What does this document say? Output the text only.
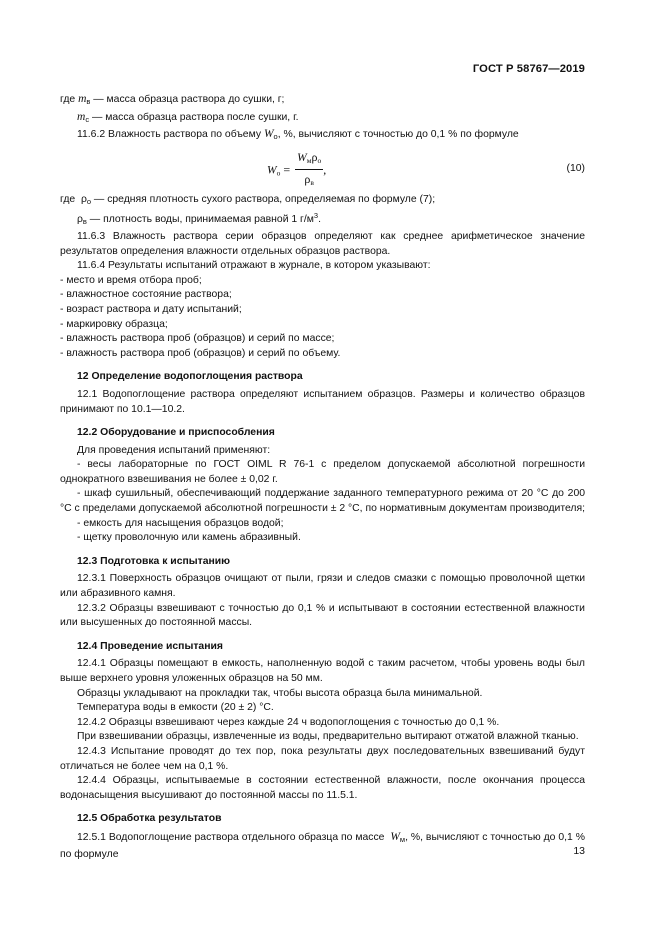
ГОСТ Р 58767—2019

где $m_в$ — масса образца раствора до сушки, г;

$m_с$ — масса образца раствора после сушки, г.

11.6.2 Влажность раствора по объему $W_о$, %, вычисляют с точностью до 0,1 % по формуле

$W_о = \frac{W_м\rho_о}{\rho_в}$ ,	(10)

где  $\rho_о$ — средняя плотность сухого раствора, определяемая по формуле (7);

$\rho_в$ — плотность воды, принимаемая равной 1 $г/м^3$.

11.6.3 Влажность раствора серии образцов определяют как среднее арифметическое значение результатов определения влажности отдельных образцов раствора.

11.6.4 Результаты испытаний отражают в журнале, в котором указывают:

- место и время отбора проб;

- влажностное состояние раствора;

- возраст раствора и дату испытаний;

- маркировку образца;

- влажность раствора проб (образцов) и серий по массе;

- влажность раствора проб (образцов) и серий по объему.

12 Определение водопоглощения раствора

12.1 Водопоглощение раствора определяют испытанием образцов. Размеры и количество образцов принимают по 10.1—10.2.

12.2 Оборудование и приспособления

Для проведения испытаний применяют:

- весы лабораторные по ГОСТ OIML R 76-1 с пределом допускаемой абсолютной погрешности однократного взвешивания не более ± 0,02 г.

- шкаф сушильный, обеспечивающий поддержание заданного температурного режима от 20 °С до 200 °С с пределами допускаемой абсолютной погрешности ± 2 °С, по нормативным документам производителя;

- емкость для насыщения образцов водой;

- щетку проволочную или камень абразивный.

12.3 Подготовка к испытанию

12.3.1 Поверхность образцов очищают от пыли, грязи и следов смазки с помощью проволочной щетки или абразивного камня.

12.3.2 Образцы взвешивают с точностью до 0,1 % и испытывают в состоянии естественной влажности или высушенных до постоянной массы.

12.4 Проведение испытания

12.4.1 Образцы помещают в емкость, наполненную водой с таким расчетом, чтобы уровень воды был выше верхнего уровня уложенных образцов на 50 мм.

Образцы укладывают на прокладки так, чтобы высота образца была минимальной.

Температура воды в емкости (20 ± 2) °С.

12.4.2 Образцы взвешивают через каждые 24 ч водопоглощения с точностью до 0,1 %.

При взвешивании образцы, извлеченные из воды, предварительно вытирают отжатой влажной тканью.

12.4.3 Испытание проводят до тех пор, пока результаты двух последовательных взвешиваний будут отличаться не более чем на 0,1 %.

12.4.4 Образцы, испытываемые в состоянии естественной влажности, после окончания процесса водонасыщения высушивают до постоянной массы по 11.5.1.

12.5 Обработка результатов

12.5.1 Водопоглощение раствора отдельного образца по массе  $W_м$, %, вычисляют с точностью до 0,1 % по формуле	13
